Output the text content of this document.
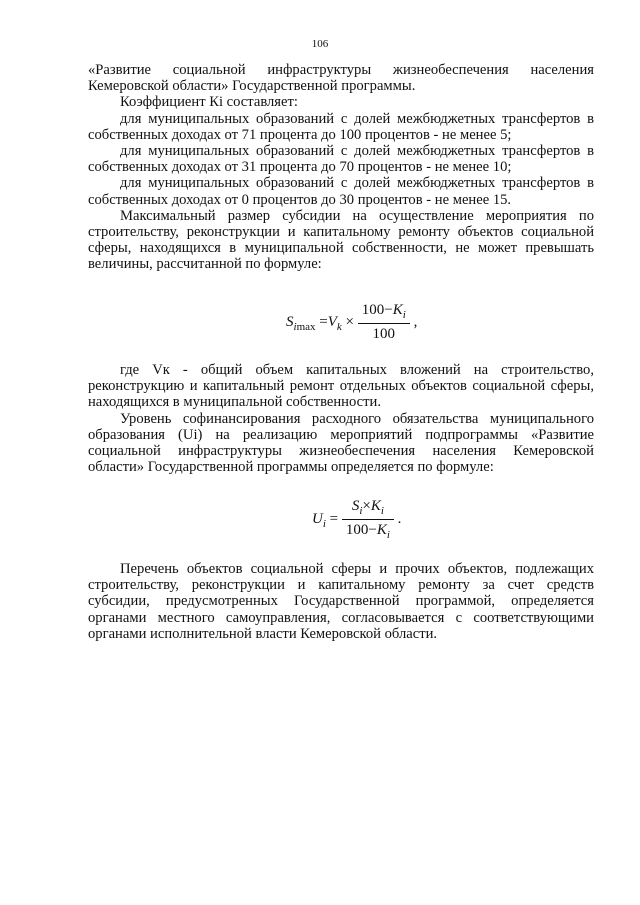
106

«Развитие социальной инфраструктуры жизнеобеспечения населения Кемеровской области» Государственной программы.

Коэффициент Кi составляет:

для муниципальных образований с долей межбюджетных трансфертов в собственных доходах от 71 процента до 100 процентов - не менее 5;

для муниципальных образований с долей межбюджетных трансфертов в собственных доходах от 31 процента до 70 процентов - не менее 10;

для муниципальных образований с долей межбюджетных трансфертов в собственных доходах от 0 процентов до 30 процентов - не менее 15.

Максимальный размер субсидии на осуществление мероприятия по строительству, реконструкции и капитальному ремонту объектов социальной сферы, находящихся в муниципальной собственности, не может превышать величины, рассчитанной по формуле:

$S_{imax} =V_k \times \frac{100-K_i}{100}$ ,

где Vк - общий объем капитальных вложений на строительство, реконструкцию и капитальный ремонт отдельных объектов социальной сферы, находящихся в муниципальной собственности.

Уровень софинансирования расходного обязательства муниципального образования (Ui) на реализацию мероприятий подпрограммы «Развитие социальной инфраструктуры жизнеобеспечения населения Кемеровской области» Государственной программы определяется по формуле:

$U_i = \frac{S_i\times K_i}{100-K_i}$ .

Перечень объектов социальной сферы и прочих объектов, подлежащих строительству, реконструкции и капитальному ремонту за счет средств субсидии, предусмотренных Государственной программой, определяется органами местного самоуправления, согласовывается с соответствующими органами исполнительной власти Кемеровской области.
